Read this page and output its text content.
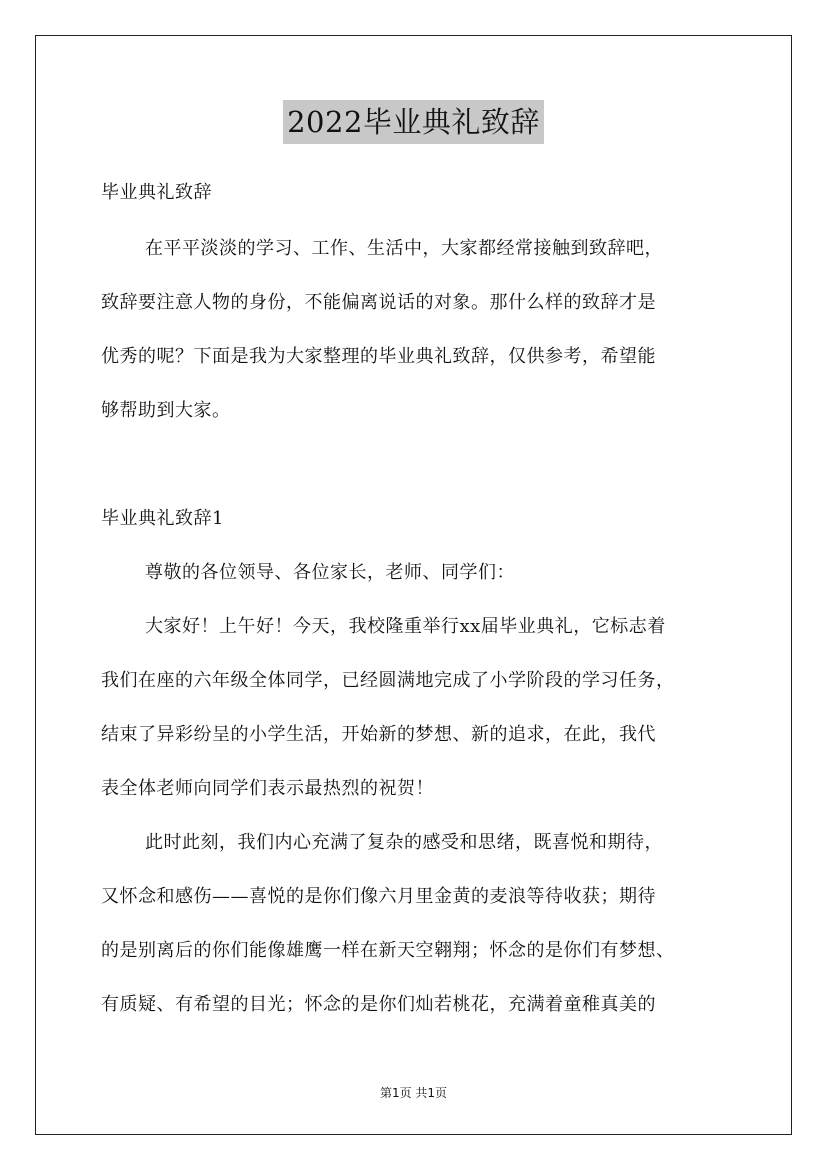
2022毕业典礼致辞
毕业典礼致辞
在平平淡淡的学习、工作、生活中，大家都经常接触到致辞吧，
致辞要注意人物的身份，不能偏离说话的对象。那什么样的致辞才是
优秀的呢？下面是我为大家整理的毕业典礼致辞，仅供参考，希望能
够帮助到大家。
毕业典礼致辞1
尊敬的各位领导、各位家长，老师、同学们：
大家好！上午好！今天，我校隆重举行xx届毕业典礼，它标志着
我们在座的六年级全体同学，已经圆满地完成了小学阶段的学习任务，
结束了异彩纷呈的小学生活，开始新的梦想、新的追求，在此，我代
表全体老师向同学们表示最热烈的祝贺！
此时此刻，我们内心充满了复杂的感受和思绪，既喜悦和期待，
又怀念和感伤——喜悦的是你们像六月里金黄的麦浪等待收获；期待
的是别离后的你们能像雄鹰一样在新天空翱翔；怀念的是你们有梦想、
有质疑、有希望的目光；怀念的是你们灿若桃花，充满着童稚真美的
第1页 共1页
